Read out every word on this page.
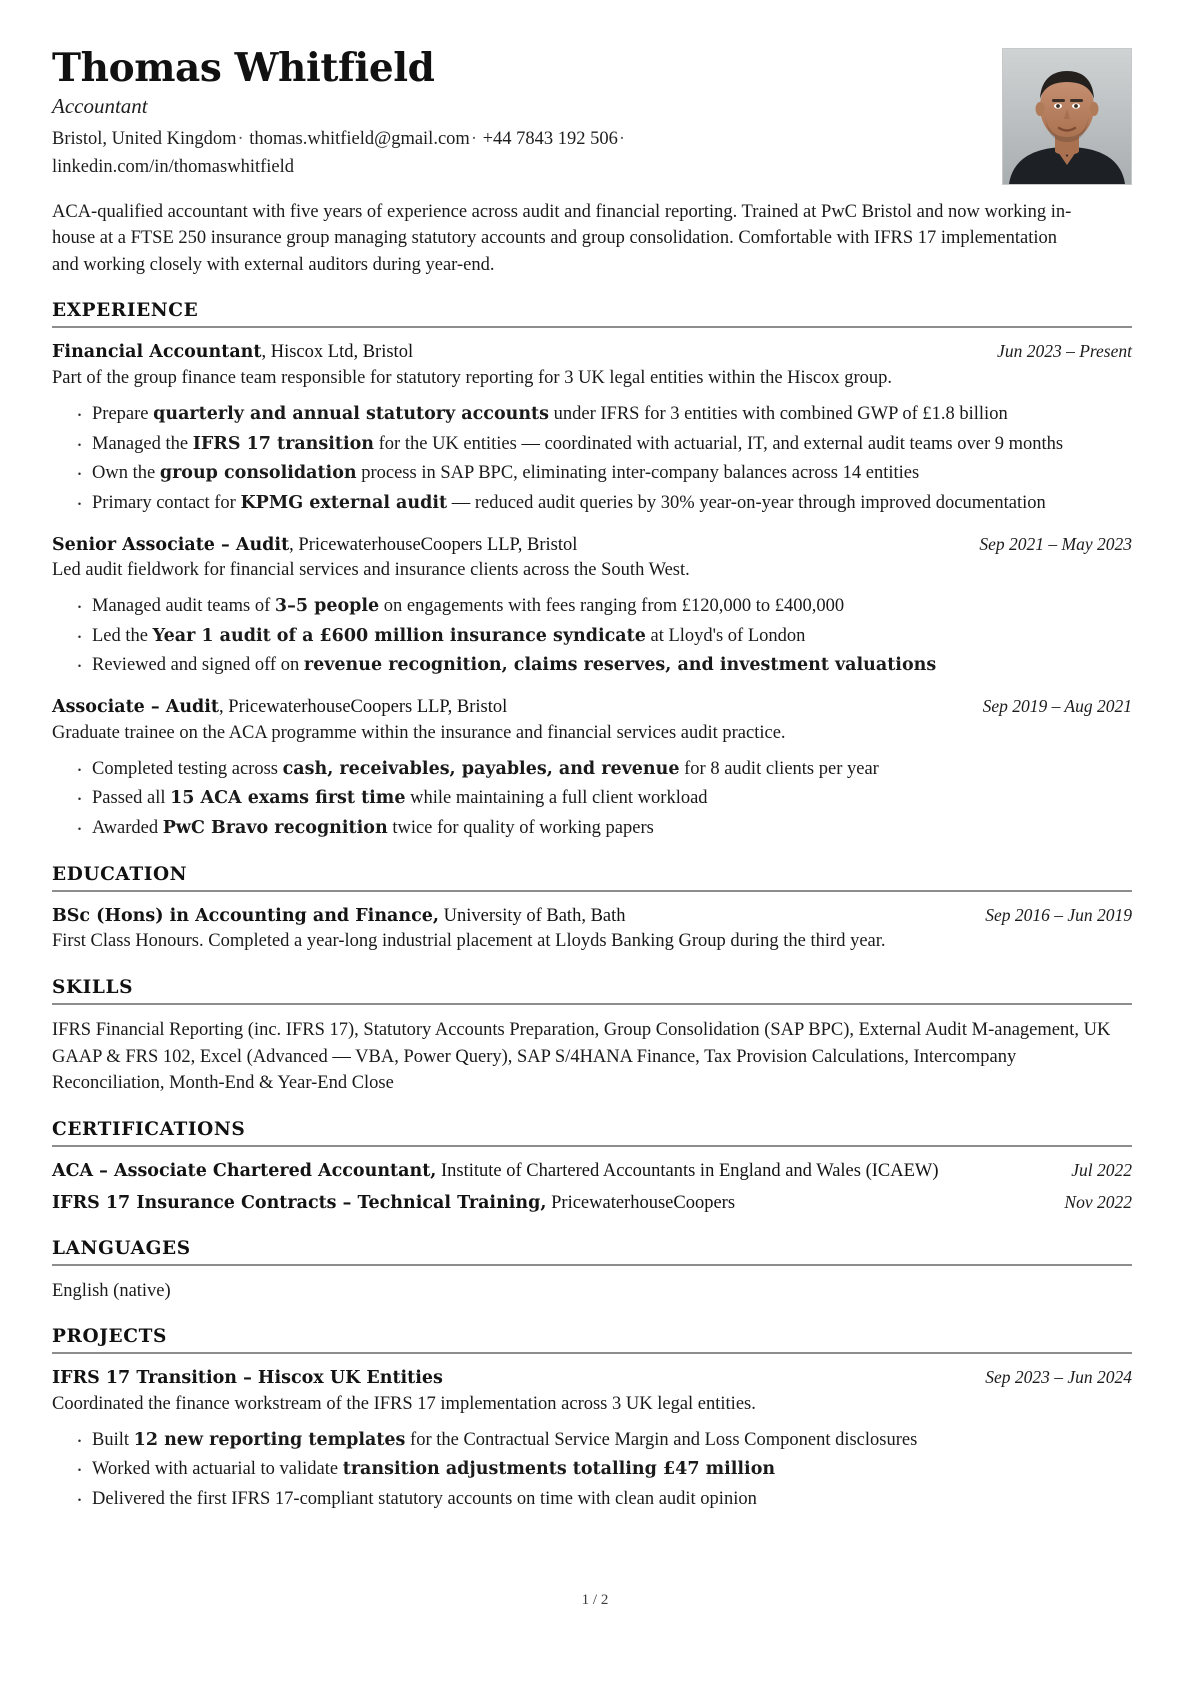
Thomas Whitfield
Accountant
Bristol, United Kingdom· thomas.whitfield@gmail.com· +44 7843 192 506· linkedin.com/in/thomaswhitfield
ACA-qualified accountant with five years of experience across audit and financial reporting. Trained at PwC Bristol and now working in-house at a FTSE 250 insurance group managing statutory accounts and group consolidation. Comfortable with IFRS 17 implementation and working closely with external auditors during year-end.
EXPERIENCE
Financial Accountant, Hiscox Ltd, Bristol	Jun 2023 – Present
Part of the group finance team responsible for statutory reporting for 3 UK legal entities within the Hiscox group.
· Prepare quarterly and annual statutory accounts under IFRS for 3 entities with combined GWP of £1.8 billion
· Managed the IFRS 17 transition for the UK entities — coordinated with actuarial, IT, and external audit teams over 9 months
· Own the group consolidation process in SAP BPC, eliminating inter-company balances across 14 entities
· Primary contact for KPMG external audit — reduced audit queries by 30% year-on-year through improved documentation
Senior Associate – Audit, PricewaterhouseCoopers LLP, Bristol	Sep 2021 – May 2023
Led audit fieldwork for financial services and insurance clients across the South West.
· Managed audit teams of 3–5 people on engagements with fees ranging from £120,000 to £400,000
· Led the Year 1 audit of a £600 million insurance syndicate at Lloyd's of London
· Reviewed and signed off on revenue recognition, claims reserves, and investment valuations
Associate – Audit, PricewaterhouseCoopers LLP, Bristol	Sep 2019 – Aug 2021
Graduate trainee on the ACA programme within the insurance and financial services audit practice.
· Completed testing across cash, receivables, payables, and revenue for 8 audit clients per year
· Passed all 15 ACA exams first time while maintaining a full client workload
· Awarded PwC Bravo recognition twice for quality of working papers
EDUCATION
BSc (Hons) in Accounting and Finance, University of Bath, Bath	Sep 2016 – Jun 2019
First Class Honours. Completed a year-long industrial placement at Lloyds Banking Group during the third year.
SKILLS
IFRS Financial Reporting (inc. IFRS 17), Statutory Accounts Preparation, Group Consolidation (SAP BPC), External Audit M-anagement, UK GAAP & FRS 102, Excel (Advanced — VBA, Power Query), SAP S/4HANA Finance, Tax Provision Calculations, Intercompany Reconciliation, Month-End & Year-End Close
CERTIFICATIONS
ACA – Associate Chartered Accountant, Institute of Chartered Accountants in England and Wales (ICAEW)	Jul 2022
IFRS 17 Insurance Contracts – Technical Training, PricewaterhouseCoopers	Nov 2022
LANGUAGES
English (native)
PROJECTS
IFRS 17 Transition – Hiscox UK Entities	Sep 2023 – Jun 2024
Coordinated the finance workstream of the IFRS 17 implementation across 3 UK legal entities.
· Built 12 new reporting templates for the Contractual Service Margin and Loss Component disclosures
· Worked with actuarial to validate transition adjustments totalling £47 million
· Delivered the first IFRS 17-compliant statutory accounts on time with clean audit opinion
1 / 2
